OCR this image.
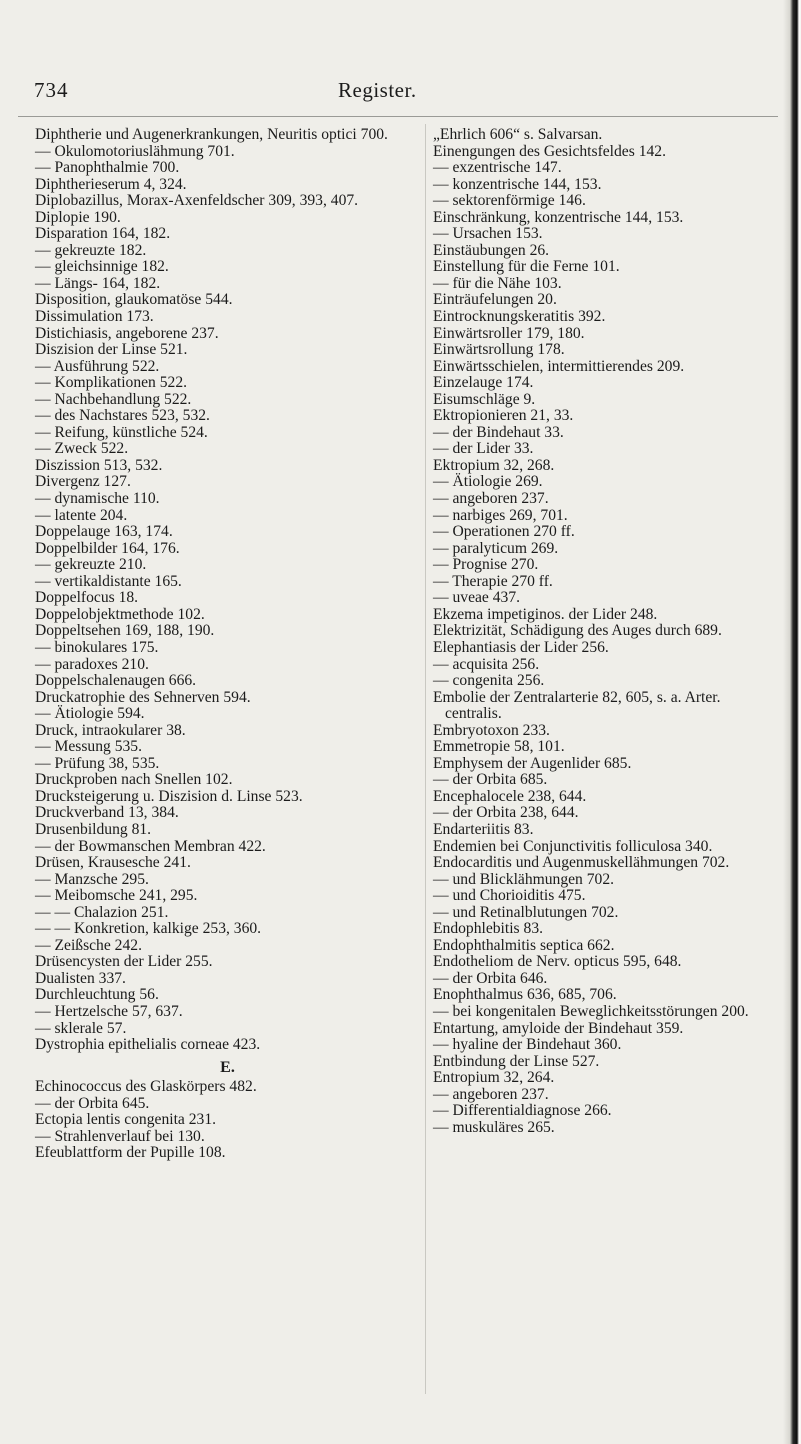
734	Register.

Diphtherie und Augenerkrankungen, Neuritis optici 700.

— Okulomotoriuslähmung 701.

— Panophthalmie 700.

Diphtherieserum 4, 324.

Diplobazillus, Morax-Axenfeldscher 309, 393, 407.

Diplopie 190.

Disparation 164, 182.

— gekreuzte 182.

— gleichsinnige 182.

— Längs- 164, 182.

Disposition, glaukomatöse 544.

Dissimulation 173.

Distichiasis, angeborene 237.

Diszision der Linse 521.

— Ausführung 522.

— Komplikationen 522.

— Nachbehandlung 522.

— des Nachstares 523, 532.

— Reifung, künstliche 524.

— Zweck 522.

Diszission 513, 532.

Divergenz 127.

— dynamische 110.

— latente 204.

Doppelauge 163, 174.

Doppelbilder 164, 176.

— gekreuzte 210.

— vertikaldistante 165.

Doppelfocus 18.

Doppelobjektmethode 102.

Doppeltsehen 169, 188, 190.

— binokulares 175.

— paradoxes 210.

Doppelschalenaugen 666.

Druckatrophie des Sehnerven 594.

— Ätiologie 594.

Druck, intraokularer 38.

— Messung 535.

— Prüfung 38, 535.

Druckproben nach Snellen 102.

Drucksteigerung u. Diszision d. Linse 523.

Druckverband 13, 384.

Drusenbildung 81.

— der Bowmanschen Membran 422.

Drüsen, Krausesche 241.

— Manzsche 295.

— Meibomsche 241, 295.

— — Chalazion 251.

— — Konkretion, kalkige 253, 360.

— Zeißsche 242.

Drüsencysten der Lider 255.

Dualisten 337.

Durchleuchtung 56.

— Hertzelsche 57, 637.

— sklerale 57.

Dystrophia epithelialis corneae 423.

E.

Echinococcus des Glaskörpers 482.

— der Orbita 645.

Ectopia lentis congenita 231.

— Strahlenverlauf bei 130.

Efeublattform der Pupille 108.

„Ehrlich 606“ s. Salvarsan.

Einengungen des Gesichtsfeldes 142.

— exzentrische 147.

— konzentrische 144, 153.

— sektorenförmige 146.

Einschränkung, konzentrische 144, 153.

— Ursachen 153.

Einstäubungen 26.

Einstellung für die Ferne 101.

— für die Nähe 103.

Einträufelungen 20.

Eintrocknungskeratitis 392.

Einwärtsroller 179, 180.

Einwärtsrollung 178.

Einwärtsschielen, intermittierendes 209.

Einzelauge 174.

Eisumschläge 9.

Ektropionieren 21, 33.

— der Bindehaut 33.

— der Lider 33.

Ektropium 32, 268.

— Ätiologie 269.

— angeboren 237.

— narbiges 269, 701.

— Operationen 270 ff.

— paralyticum 269.

— Prognise 270.

— Therapie 270 ff.

— uveae 437.

Ekzema impetiginos. der Lider 248.

Elektrizität, Schädigung des Auges durch 689.

Elephantiasis der Lider 256.

— acquisita 256.

— congenita 256.

Embolie der Zentralarterie 82, 605, s. a. Arter. centralis.

Embryotoxon 233.

Emmetropie 58, 101.

Emphysem der Augenlider 685.

— der Orbita 685.

Encephalocele 238, 644.

— der Orbita 238, 644.

Endarteriitis 83.

Endemien bei Conjunctivitis folliculosa 340.

Endocarditis und Augenmuskellähmungen 702.

— und Blicklähmungen 702.

— und Chorioiditis 475.

— und Retinalblutungen 702.

Endophlebitis 83.

Endophthalmitis septica 662.

Endotheliom de Nerv. opticus 595, 648.

— der Orbita 646.

Enophthalmus 636, 685, 706.

— bei kongenitalen Beweglichkeitsstörungen 200.

Entartung, amyloide der Bindehaut 359.

— hyaline der Bindehaut 360.

Entbindung der Linse 527.

Entropium 32, 264.

— angeboren 237.

— Differentialdiagnose 266.

— muskuläres 265.
